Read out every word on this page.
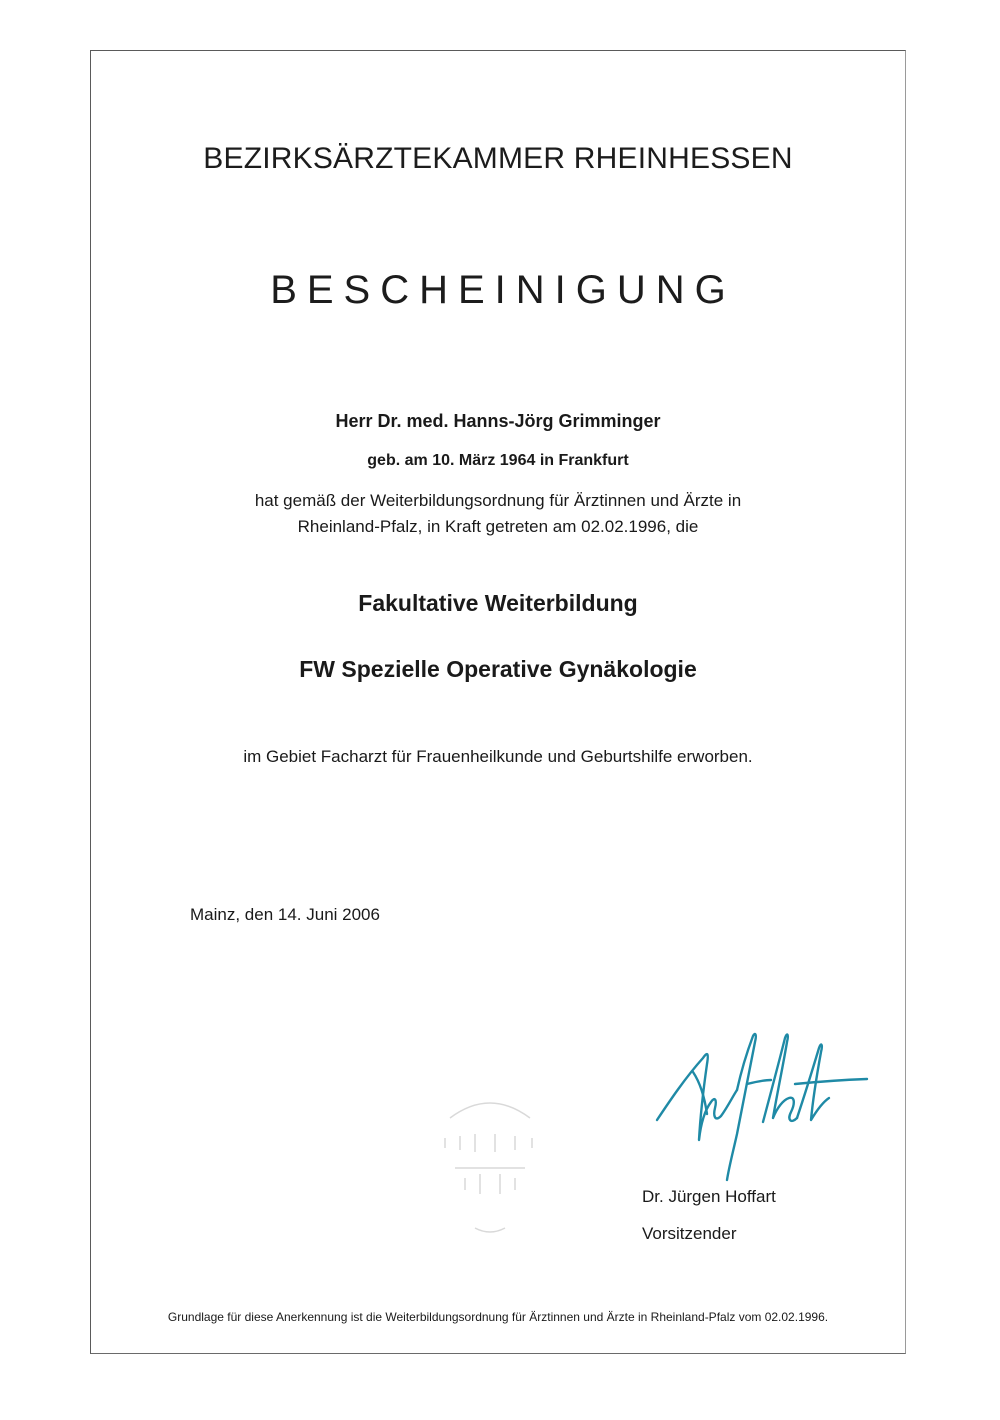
BEZIRKSÄRZTEKAMMER RHEINHESSEN
BESCHEINIGUNG
Herr Dr. med. Hanns-Jörg Grimminger
geb. am 10. März 1964 in Frankfurt
hat gemäß der Weiterbildungsordnung für Ärztinnen und Ärzte in
Rheinland-Pfalz, in Kraft getreten am 02.02.1996, die
Fakultative Weiterbildung
FW Spezielle Operative Gynäkologie
im Gebiet Facharzt für Frauenheilkunde und Geburtshilfe erworben.
Mainz, den 14. Juni 2006
Dr. Jürgen Hoffart
Vorsitzender
Grundlage für diese Anerkennung ist die Weiterbildungsordnung für Ärztinnen und Ärzte in Rheinland-Pfalz vom 02.02.1996.
